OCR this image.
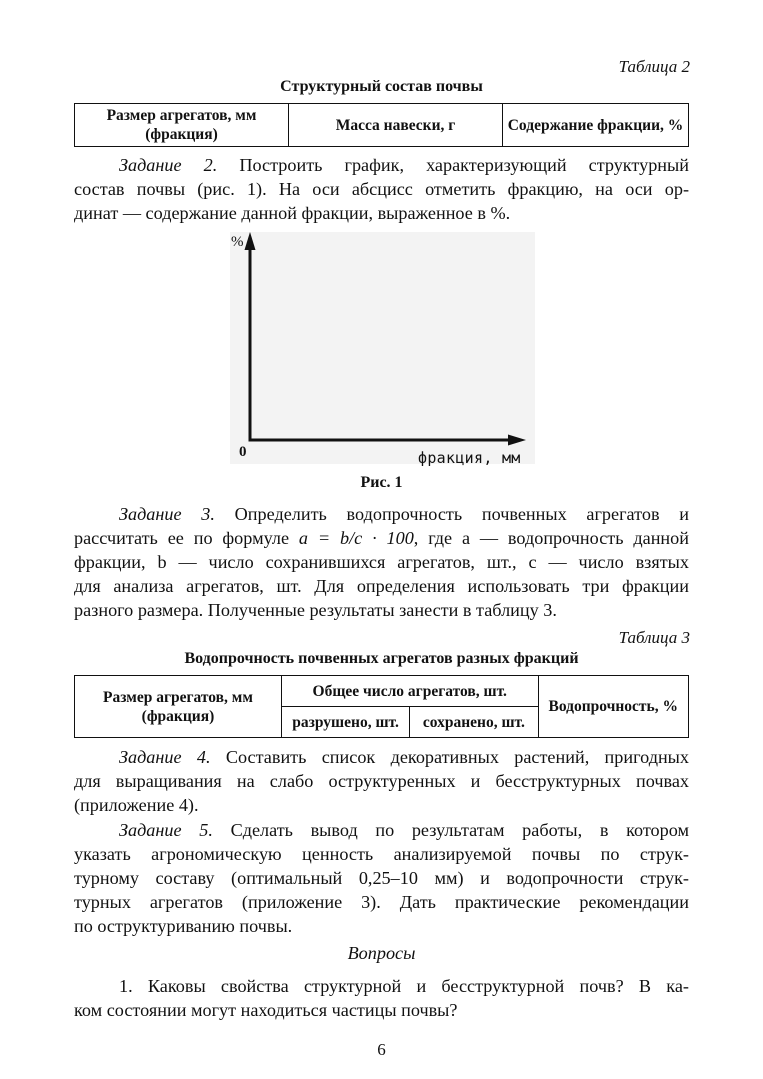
Таблица 2
Структурный состав почвы
Размер агрегатов, мм (фракция)	Масса навески, г	Содержание фракции, %

Задание 2. Построить график, характеризующий структурный

состав почвы (рис. 1). На оси абсцисс отметить фракцию, на оси ор-
динат — содержание данной фракции, выраженное в %.
%
0	фракция, мм
Рис. 1

Задание 3. Определить водопрочность почвенных агрегатов и

рассчитать ее по формуле a = b/c · 100, где a — водопрочность данной
фракции, b — число сохранившихся агрегатов, шт., c — число взятых
для анализа агрегатов, шт. Для определения использовать три фракции
разного размера. Полученные результаты занести в таблицу 3.
Таблица 3
Водопрочность почвенных агрегатов разных фракций
Размер агрегатов, мм (фракция)	Общее число агрегатов, шт.		Водопрочность, %
	разрушено, шт.	сохранено, шт.	

Задание 4. Составить список декоративных растений, пригодных

для выращивания на слабо оструктуренных и бесструктурных почвах
(приложение 4).

Задание 5. Сделать вывод по результатам работы, в котором

указать агрономическую ценность анализируемой почвы по струк-
турному составу (оптимальный 0,25–10 мм) и водопрочности струк-
турных агрегатов (приложение 3). Дать практические рекомендации
по оструктуриванию почвы.
Вопросы

1. Каковы свойства структурной и бесструктурной почв? В ка-

ком состоянии могут находиться частицы почвы?
6
